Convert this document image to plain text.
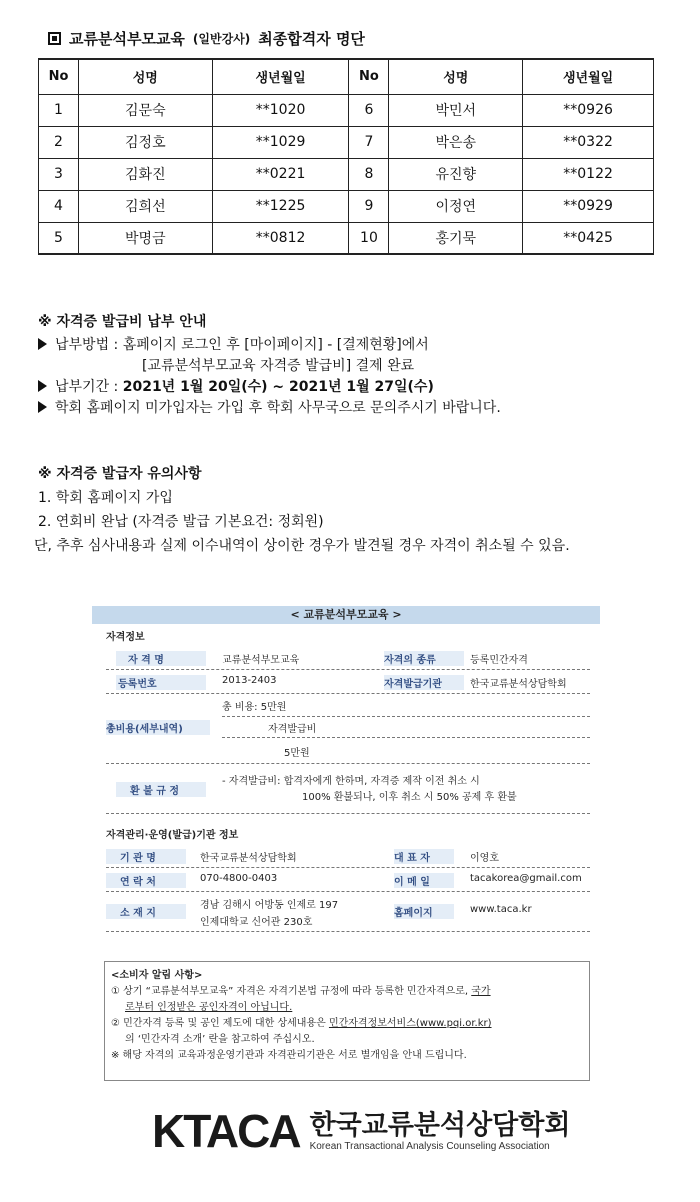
교류분석부모교육 (일반강사) 최종합격자 명단
No	성명	생년월일	No	성명	생년월일
1	김문숙	**1020	6	박민서	**0926
2	김정호	**1029	7	박은송	**0322
3	김화진	**0221	8	유진향	**0122
4	김희선	**1225	9	이정연	**0929
5	박명금	**0812	10	홍기묵	**0425
※ 자격증 발급비 납부 안내
납부방법 : 홈페이지 로그인 후 [마이페이지] - [결제현황]에서
[교류분석부모교육 자격증 발급비] 결제 완료
납부기간 : 2021년 1월 20일(수) ~ 2021년 1월 27일(수)
학회 홈페이지 미가입자는 가입 후 학회 사무국으로 문의주시기 바랍니다.
※ 자격증 발급자 유의사항
1. 학회 홈페이지 가입
2. 연회비 완납 (자격증 발급 기본요건: 정회원)
단, 추후 심사내용과 실제 이수내역이 상이한 경우가 발견될 경우 자격이 취소될 수 있음.
< 교류분석부모교육 >
자격정보
자 격 명	교류분석부모교육	자격의 종류	등록민간자격
등록번호	2013-2403	자격발급기관	한국교류분석상담학회
총비용(세부내역)
총 비용: 5만원
자격발급비
5만원
환 불 규 정
- 자격발급비: 합격자에게 한하며, 자격증 제작 이전 취소 시
100% 환불되나, 이후 취소 시 50% 공제 후 환불
자격관리·운영(발급)기관 정보
기 관 명	한국교류분석상담학회	대 표 자	이영호
연 락 처	070-4800-0403	이 메 일	tacakorea@gmail.com
소 재 지
경남 김해시 어방동 인제로 197
인제대학교 신어관 230호
홈페이지	www.taca.kr
<소비자 알림 사항>
① 상기 “교류분석부모교육” 자격은 자격기본법 규정에 따라 등록한 민간자격으로, 국가
로부터 인정받은 공인자격이 아닙니다.
② 민간자격 등록 및 공인 제도에 대한 상세내용은 민간자격정보서비스(www.pqi.or.kr)
의 ‘민간자격 소개’ 란을 참고하여 주십시오.
※ 해당 자격의 교육과정운영기관과 자격관리기관은 서로 별개임을 안내 드립니다.
KTACA 한국교류분석상담학회
Korean Transactional Analysis Counseling Association
